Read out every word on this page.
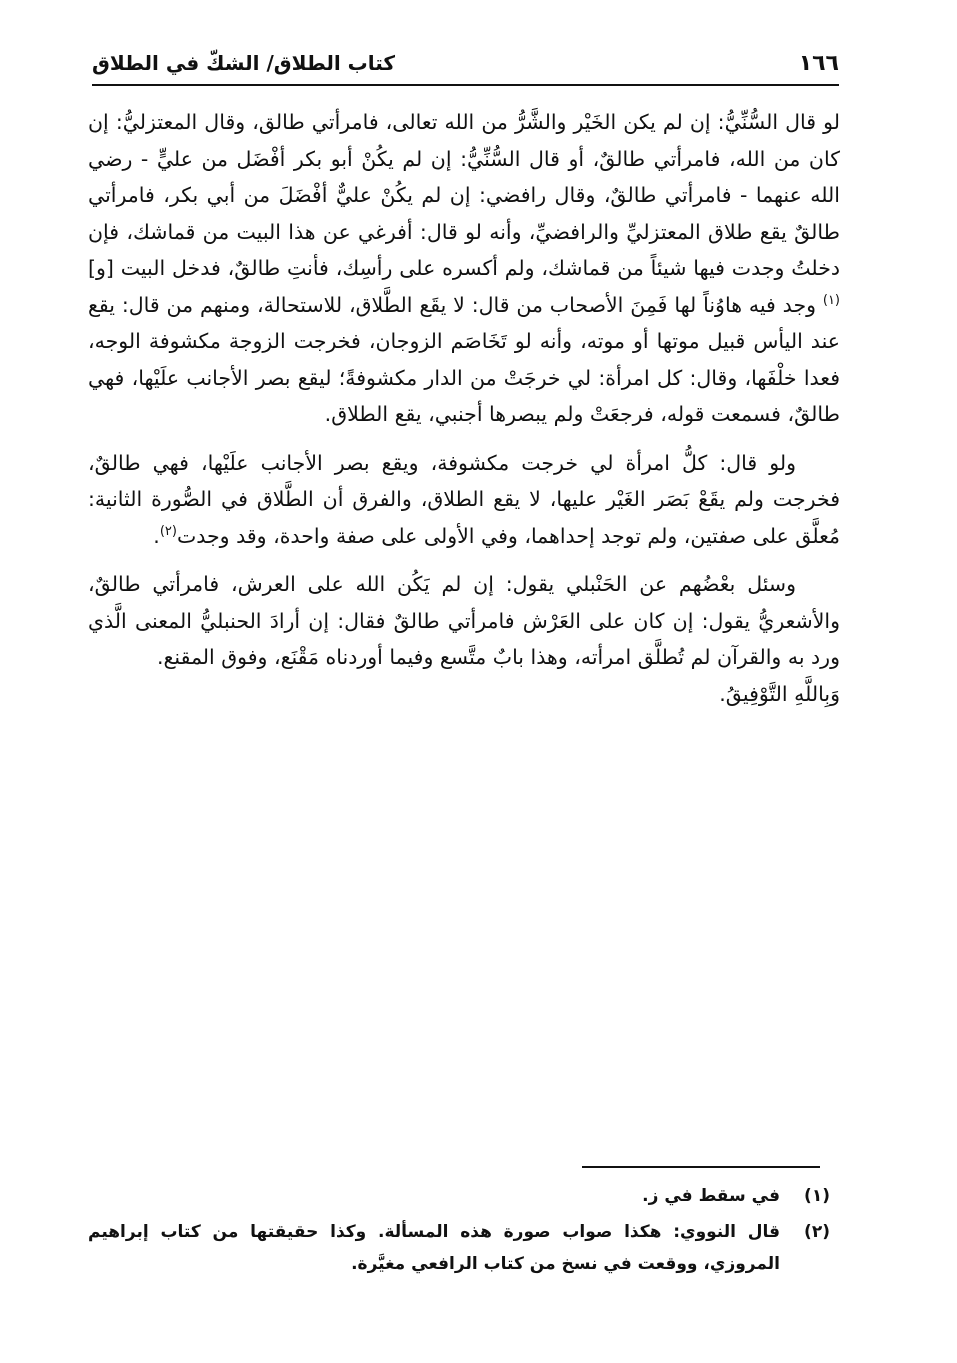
١٦٦
كتاب الطلاق/ الشكّ في الطلاق

لو قال السُّنِّيُّ: إن لم يكن الخَيْر والشَّرُّ من الله تعالى، فامرأتي طالق، وقال المعتزليُّ: إن كان من الله، فامرأتي طالقٌ، أو قال السُّنِّيُّ: إن لم يكُنْ أبو بكر أفْضَل من عليٍّ - رضي الله عنهما - فامرأتي طالقٌ، وقال رافضي: إن لم يكُنْ عليٌّ أفْضَلَ من أبي بكر، فامرأتي طالقٌ يقع طلاق المعتزليِّ والرافضيِّ، وأنه لو قال: أفرغي عن هذا البيت من قماشك، فإن دخلتُ وجدت فيها شيئاً من قماشك، ولم أكسره على رأسِك، فأنتِ طالقٌ، فدخل البيت [و]$^{(١)}$ وجد فيه هاوُناً لها فَمِنَ الأصحاب من قال: لا يقَع الطَّلاق، للاستحالة، ومنهم من قال: يقع عند اليأس قبيل موتها أو موته، وأنه لو تَخَاصَم الزوجان، فخرجت الزوجة مكشوفة الوجه، فعدا خلْفَها، وقال: كل امرأة: لي خرجَتْ من الدار مكشوفةً؛ ليقع بصر الأجانب علَيْها، فهي طالقٌ، فسمعت قوله، فرجعَتْ ولم يبصرها أجنبي، يقع الطلاق.

ولو قال: كلُّ امرأة لي خرجت مكشوفة، ويقع بصر الأجانب علَيْها، فهي طالقٌ، فخرجت ولم يقَعْ بَصَر الغَيْر عليها، لا يقع الطلاق، والفرق أن الطَّلاق في الصُّورة الثانية: مُعلَّق على صفتين، ولم توجد إحداهما، وفي الأولى على صفة واحدة، وقد وجدت$^{(٢)}$.

وسئل بعْضُهم عن الحَنْبلي يقول: إن لم يَكُن الله على العرش، فامرأتي طالقٌ، والأشعريُّ يقول: إن كان على العَرْش فامرأتي طالقٌ فقال: إن أرادَ الحنبليُّ المعنى الَّذي ورد به والقرآن لم تُطلَّق امرأته، وهذا بابٌ متَّسع وفيما أوردناه مَقْنَع، وفوق المقنع.
وَبِاللَّهِ التَّوْفِيقُ.

(١)
في سقط في ز.
(٢)
قال النووي: هكذا صواب صورة هذه المسألة. وكذا حقيقتها من كتاب إبراهيم المروزي، ووقعت في نسخ من كتاب الرافعي مغيَّرة.
